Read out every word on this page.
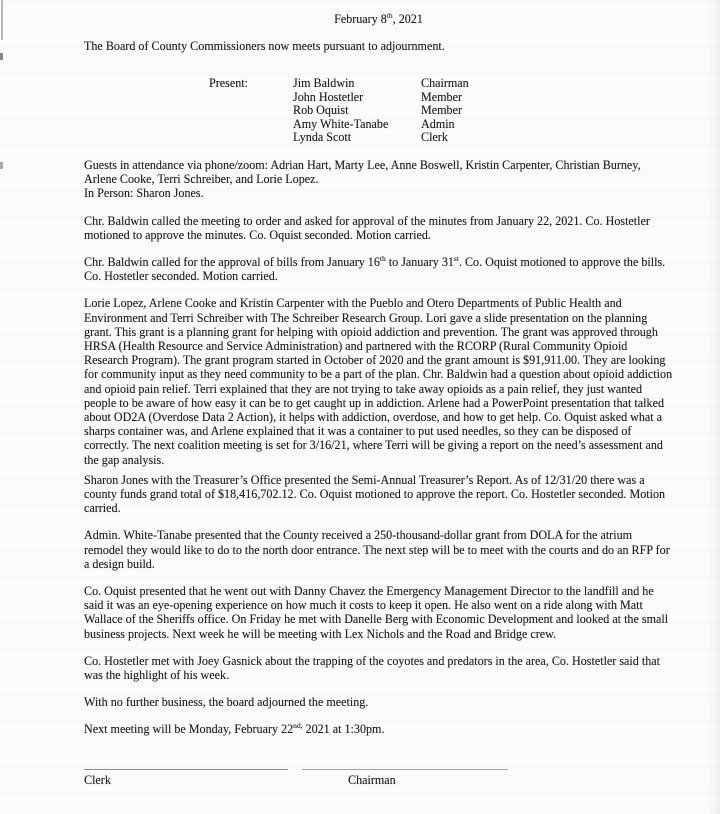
February 8th, 2021

The Board of County Commissioners now meets pursuant to adjournment.

Present:	Jim Baldwin	Chairman
John Hostetler	Member
Rob Oquist	Member
Amy White-Tanabe	Admin
Lynda Scott	Clerk
Guests in attendance via phone/zoom: Adrian Hart, Marty Lee, Anne Boswell, Kristin Carpenter, Christian Burney, Arlene Cooke, Terri Schreiber, and Lorie Lopez.
In Person: Sharon Jones.

Chr. Baldwin called the meeting to order and asked for approval of the minutes from January 22, 2021. Co. Hostetler motioned to approve the minutes. Co. Oquist seconded. Motion carried.

Chr. Baldwin called for the approval of bills from January 16th to January 31st. Co. Oquist motioned to approve the bills. Co. Hostetler seconded. Motion carried.

Lorie Lopez, Arlene Cooke and Kristin Carpenter with the Pueblo and Otero Departments of Public Health and Environment and Terri Schreiber with The Schreiber Research Group. Lori gave a slide presentation on the planning grant. This grant is a planning grant for helping with opioid addiction and prevention. The grant was approved through HRSA (Health Resource and Service Administration) and partnered with the RCORP (Rural Community Opioid Research Program). The grant program started in October of 2020 and the grant amount is $91,911.00. They are looking for community input as they need community to be a part of the plan. Chr. Baldwin had a question about opioid addiction and opioid pain relief. Terri explained that they are not trying to take away opioids as a pain relief, they just wanted people to be aware of how easy it can be to get caught up in addiction. Arlene had a PowerPoint presentation that talked about OD2A (Overdose Data 2 Action), it helps with addiction, overdose, and how to get help. Co. Oquist asked what a sharps container was, and Arlene explained that it was a container to put used needles, so they can be disposed of correctly. The next coalition meeting is set for 3/16/21, where Terri will be giving a report on the need’s assessment and the gap analysis.

Sharon Jones with the Treasurer’s Office presented the Semi-Annual Treasurer’s Report. As of 12/31/20 there was a county funds grand total of $18,416,702.12. Co. Oquist motioned to approve the report. Co. Hostetler seconded. Motion carried.

Admin. White-Tanabe presented that the County received a 250-thousand-dollar grant from DOLA for the atrium remodel they would like to do to the north door entrance. The next step will be to meet with the courts and do an RFP for a design build.

Co. Oquist presented that he went out with Danny Chavez the Emergency Management Director to the landfill and he said it was an eye-opening experience on how much it costs to keep it open. He also went on a ride along with Matt Wallace of the Sheriffs office. On Friday he met with Danelle Berg with Economic Development and looked at the small business projects. Next week he will be meeting with Lex Nichols and the Road and Bridge crew.

Co. Hostetler met with Joey Gasnick about the trapping of the coyotes and predators in the area, Co. Hostetler said that was the highlight of his week.

With no further business, the board adjourned the meeting.

Next meeting will be Monday, February $22^{nd,}$ 2021 at 1:30pm.

Clerk	Chairman
